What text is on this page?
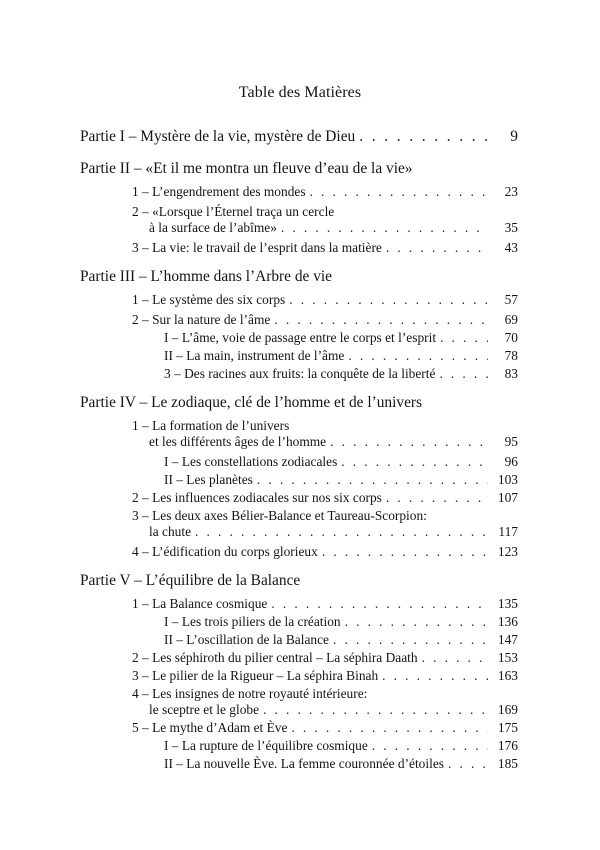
Table des Matières
Partie I – Mystère de la vie, mystère de Dieu . . .	9
Partie II – «Et il me montra un fleuve d’eau de la vie»
1 – L’engendrement des mondes . . .	23
2 – «Lorsque l’Éternel traça un cercle
à la surface de l’abîme» . . .	35
3 – La vie: le travail de l’esprit dans la matière . . .	43
Partie III – L’homme dans l’Arbre de vie
1 – Le système des six corps . . .	57
2 – Sur la nature de l’âme . . .	69
I – L’âme, voie de passage entre le corps et l’esprit . . .	70
II – La main, instrument de l’âme . . .	78
3 – Des racines aux fruits: la conquête de la liberté . . .	83
Partie IV – Le zodiaque, clé de l’homme et de l’univers
1 – La formation de l’univers
et les différents âges de l’homme . . .	95
I – Les constellations zodiacales . . .	96
II – Les planètes . . .	103
2 – Les influences zodiacales sur nos six corps . . .	107
3 – Les deux axes Bélier-Balance et Taureau-Scorpion:
la chute . . .	117
4 – L’édification du corps glorieux . . .	123
Partie V – L’équilibre de la Balance
1 – La Balance cosmique . . .	135
I – Les trois piliers de la création . . .	136
II – L’oscillation de la Balance . . .	147
2 – Les séphiroth du pilier central – La séphira Daath . . .	153
3 – Le pilier de la Rigueur – La séphira Binah . . .	163
4 – Les insignes de notre royauté intérieure:
le sceptre et le globe . . .	169
5 – Le mythe d’Adam et Ève . . .	175
I – La rupture de l’équilibre cosmique . . .	176
II – La nouvelle Ève. La femme couronnée d’étoiles . . .	185
